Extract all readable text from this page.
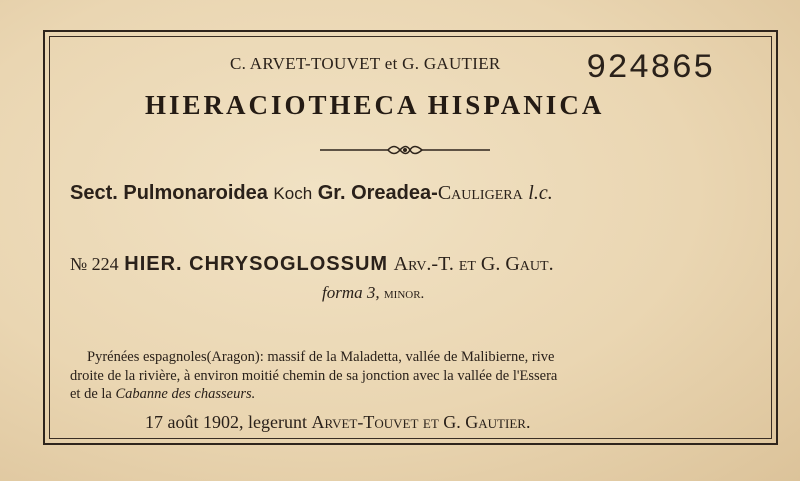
C. ARVET-TOUVET et G. GAUTIER	924865
HIERACIOTHECA HISPANICA
Sect. Pulmonaroidea Koch Gr. Oreadea-Cauligera l.c.
№ 224 HIER. CHRYSOGLOSSUM Arv.-T. et G. Gaut.
forma 3, minor.
Pyrénées espagnoles(Aragon): massif de la Maladetta, vallée de Malibierne, rive
droite de la rivière, à environ moitié chemin de sa jonction avec la vallée de l'Essera
et de la Cabanne des chasseurs.
17 août 1902, legerunt Arvet-Touvet et G. Gautier.
